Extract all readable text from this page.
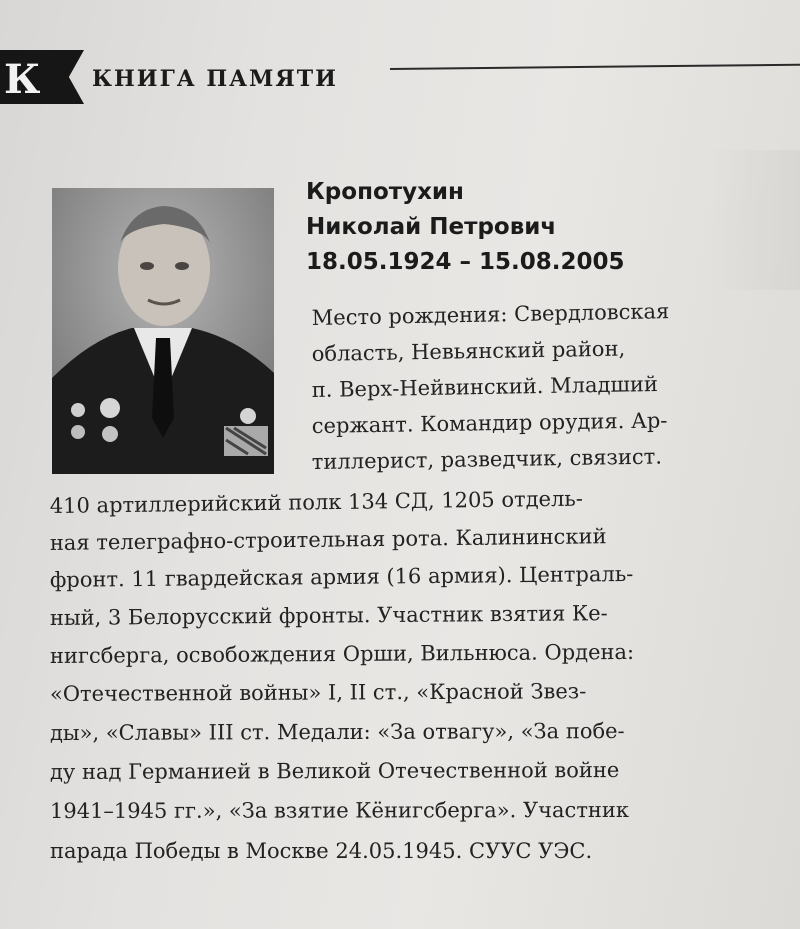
К КНИГА ПАМЯТИ
Кропотухин
Николай Петрович
18.05.1924 – 15.08.2005
Место рождения: Свердловская
область, Невьянский район,
п. Верх-Нейвинский. Младший
сержант. Командир орудия. Ар-
тиллерист, разведчик, связист.
410 артиллерийский полк 134 СД, 1205 отдель-
ная телеграфно-строительная рота. Калининский
фронт. 11 гвардейская армия (16 армия). Централь-
ный, 3 Белорусский фронты. Участник взятия Ке-
нигсберга, освобождения Орши, Вильнюса. Ордена:
«Отечественной войны» I, II ст., «Красной Звез-
ды», «Славы» III ст. Медали: «За отвагу», «За побе-
ду над Германией в Великой Отечественной войне
1941–1945 гг.», «За взятие Кёнигсберга». Участник
парада Победы в Москве 24.05.1945. СУУС УЭС.
